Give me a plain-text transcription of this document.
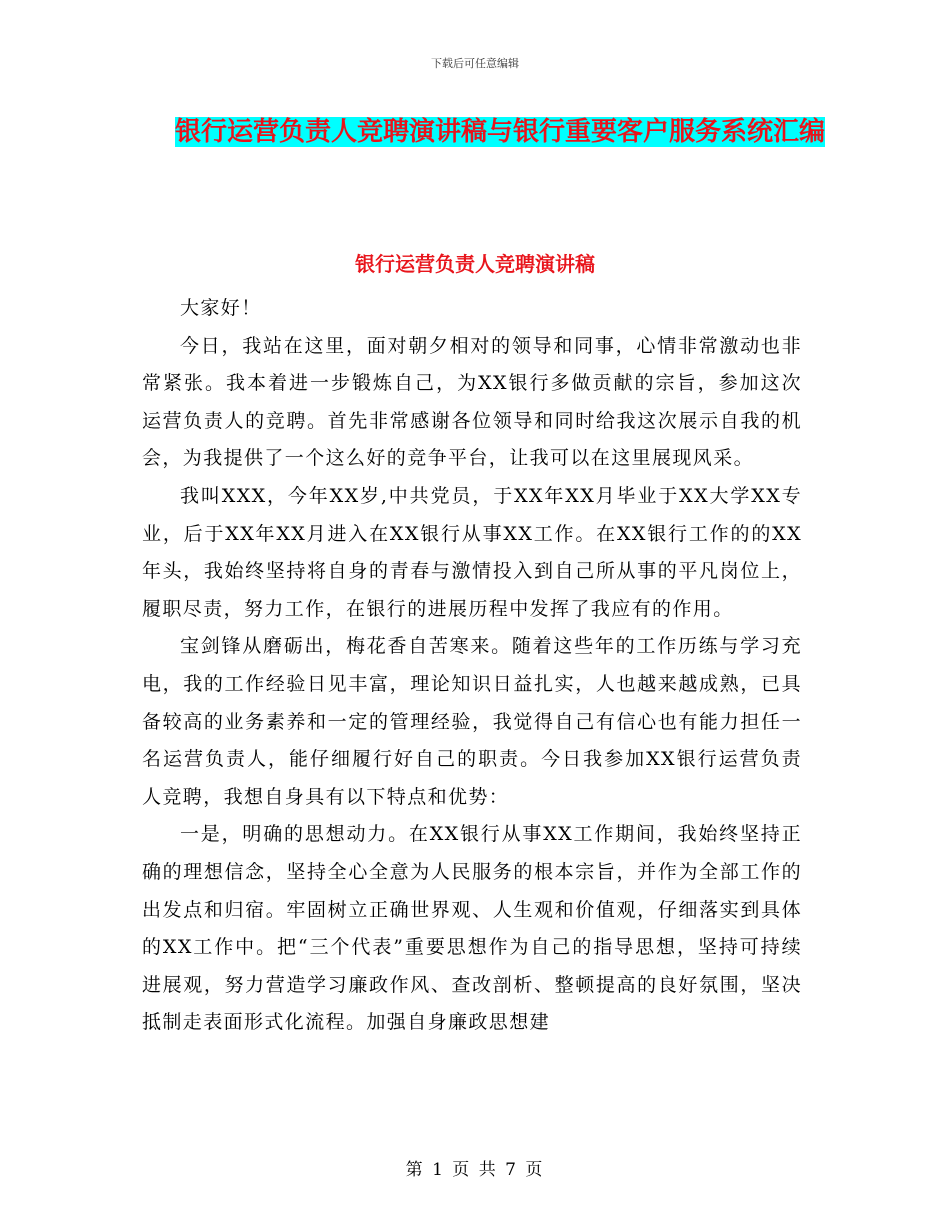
下载后可任意编辑
银行运营负责人竞聘演讲稿与银行重要客户服务系统汇编
银行运营负责人竞聘演讲稿

大家好！

今日，我站在这里，面对朝夕相对的领导和同事，心情非常激动也非常紧张。我本着进一步锻炼自己，为XX银行多做贡献的宗旨，参加这次运营负责人的竞聘。首先非常感谢各位领导和同时给我这次展示自我的机会，为我提供了一个这么好的竞争平台，让我可以在这里展现风采。

我叫XXX，今年XX岁,中共党员，于XX年XX月毕业于XX大学XX专业，后于XX年XX月进入在XX银行从事XX工作。在XX银行工作的的XX年头，我始终坚持将自身的青春与激情投入到自己所从事的平凡岗位上，履职尽责，努力工作，在银行的进展历程中发挥了我应有的作用。

宝剑锋从磨砺出，梅花香自苦寒来。随着这些年的工作历练与学习充电，我的工作经验日见丰富，理论知识日益扎实，人也越来越成熟，已具备较高的业务素养和一定的管理经验，我觉得自己有信心也有能力担任一名运营负责人，能仔细履行好自己的职责。今日我参加XX银行运营负责人竞聘，我想自身具有以下特点和优势：

一是，明确的思想动力。在XX银行从事XX工作期间，我始终坚持正确的理想信念，坚持全心全意为人民服务的根本宗旨，并作为全部工作的出发点和归宿。牢固树立正确世界观、人生观和价值观，仔细落实到具体的XX工作中。把“三个代表”重要思想作为自己的指导思想，坚持可持续进展观，努力营造学习廉政作风、查改剖析、整顿提高的良好氛围，坚决抵制走表面形式化流程。加强自身廉政思想建

第 1 页 共 7 页
